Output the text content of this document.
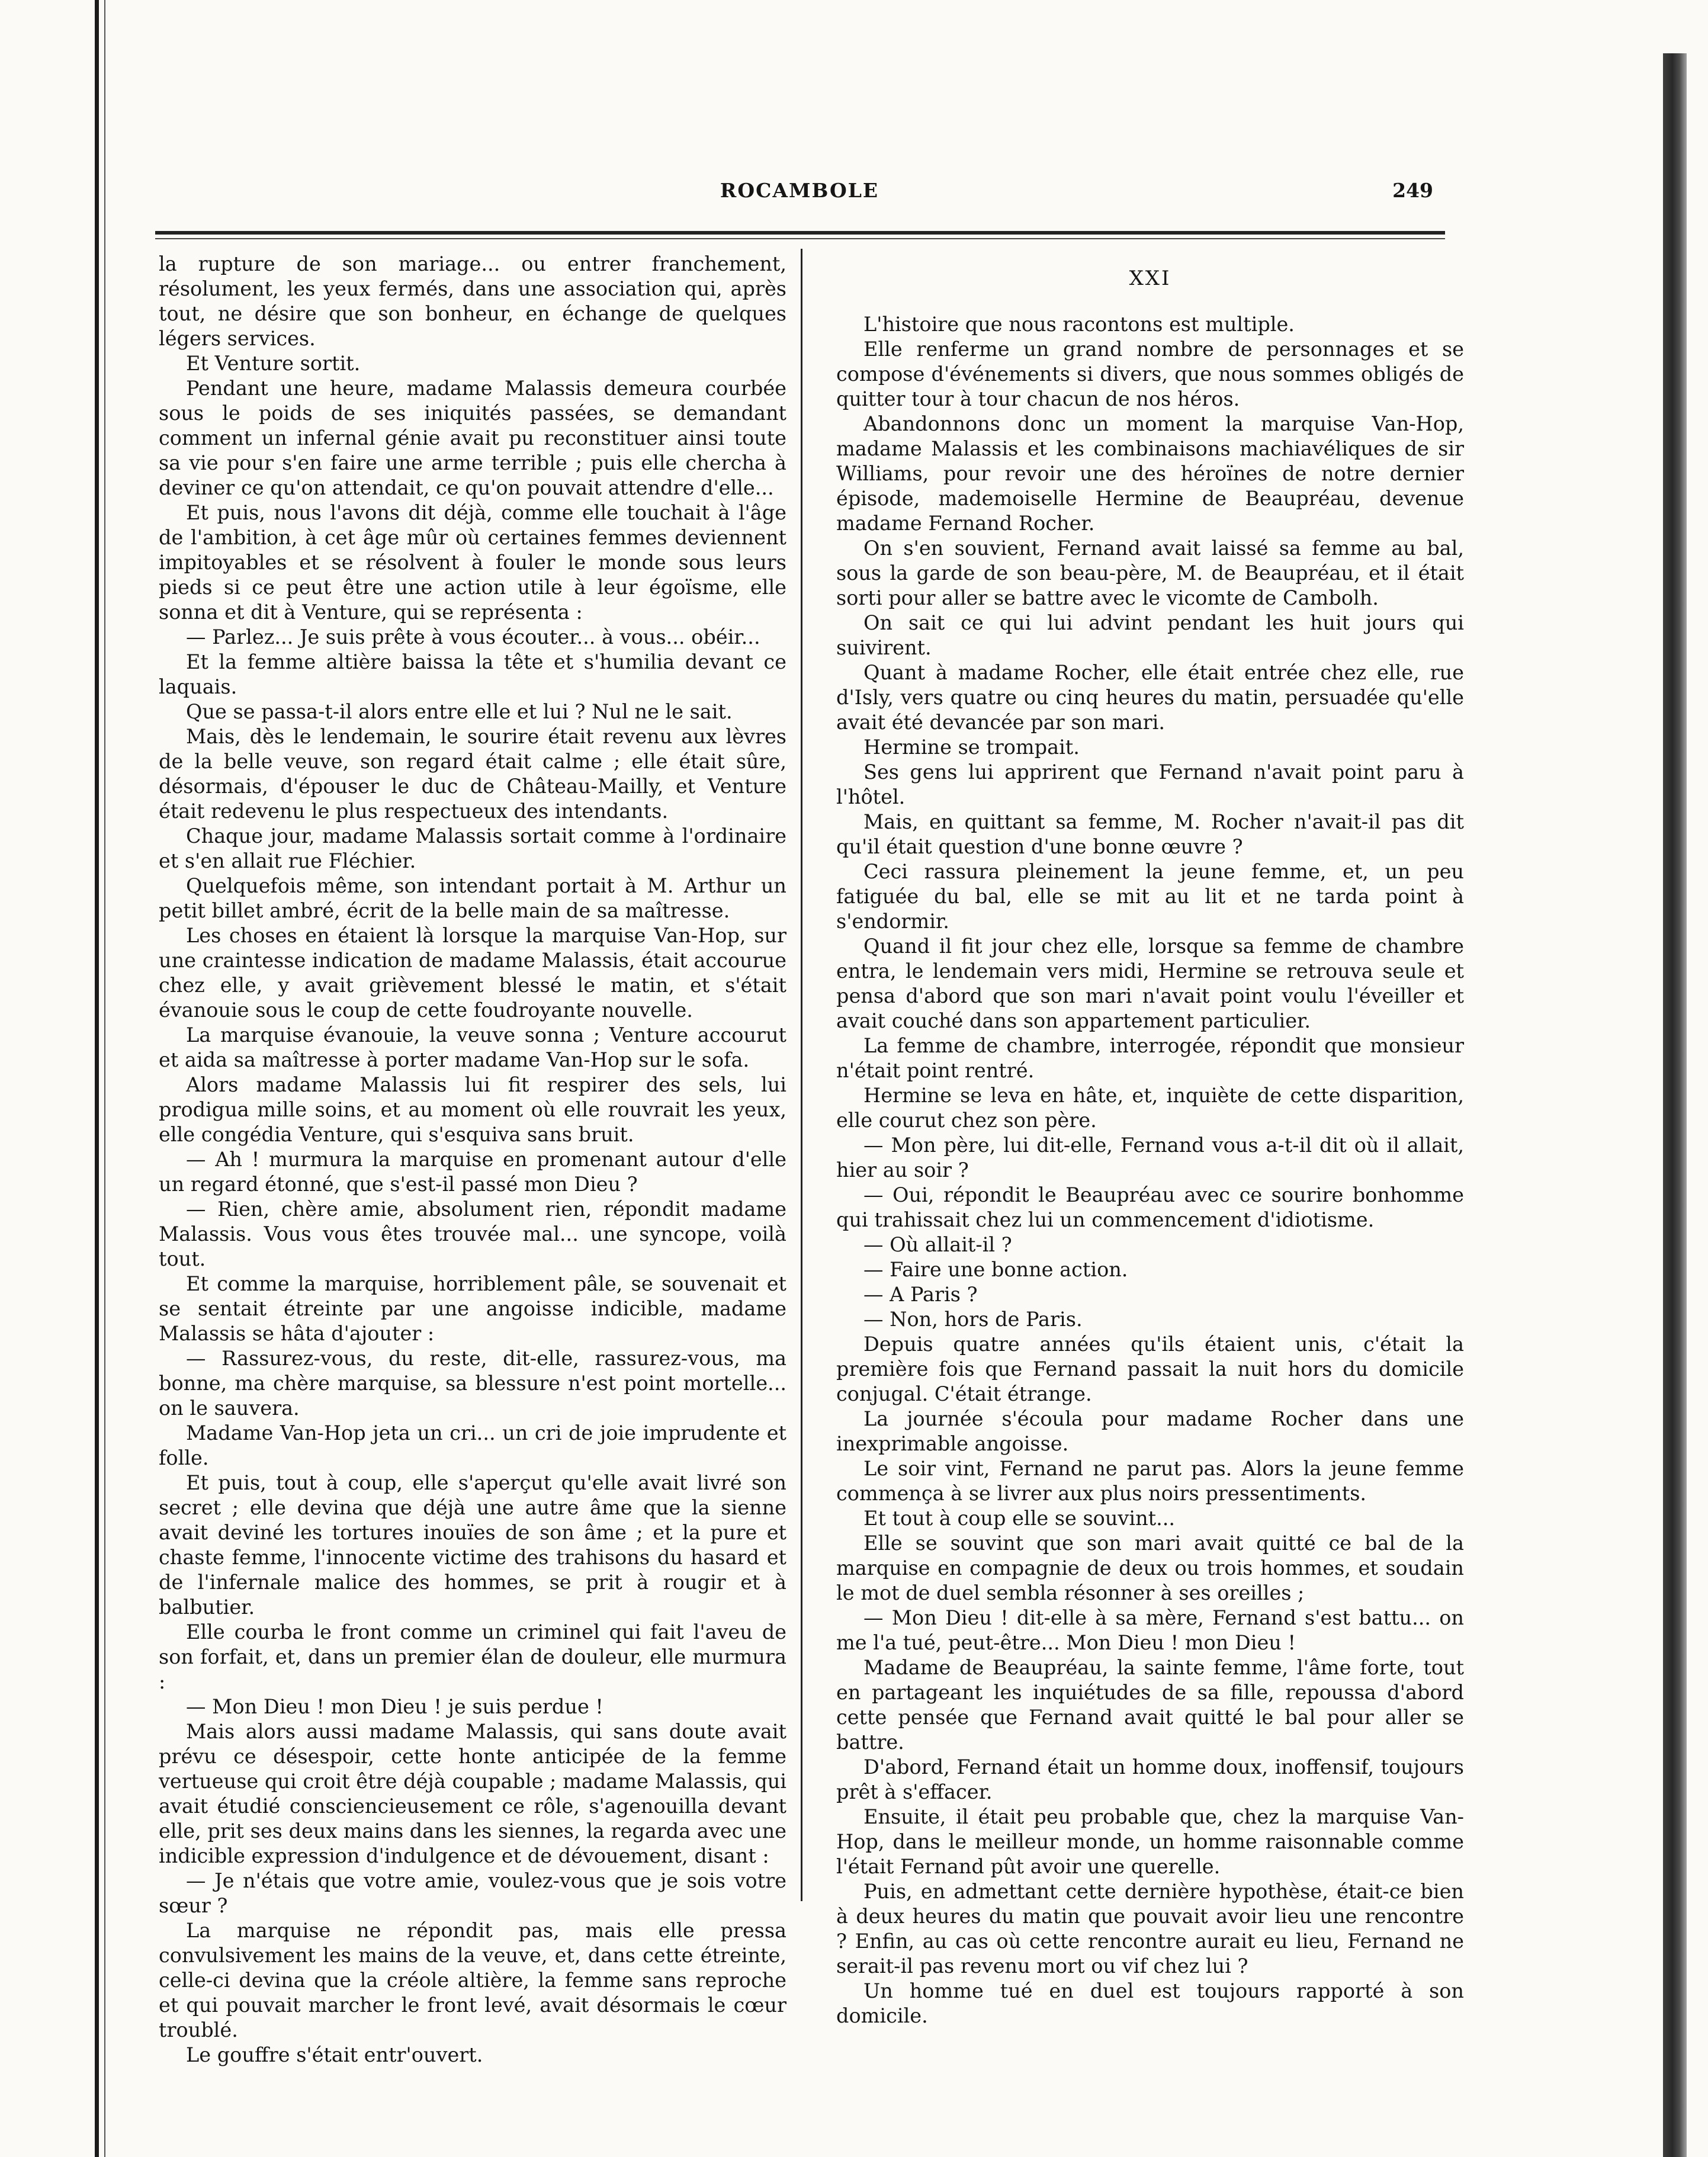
ROCAMBOLE	249

la rupture de son mariage... ou entrer franchement, résolument, les yeux fermés, dans une association qui, après tout, ne désire que son bonheur, en échange de quelques légers services.

Et Venture sortit.

Pendant une heure, madame Malassis demeura courbée sous le poids de ses iniquités passées, se demandant comment un infernal génie avait pu reconstituer ainsi toute sa vie pour s'en faire une arme terrible ; puis elle chercha à deviner ce qu'on attendait, ce qu'on pouvait attendre d'elle...

Et puis, nous l'avons dit déjà, comme elle touchait à l'âge de l'ambition, à cet âge mûr où certaines femmes deviennent impitoyables et se résolvent à fouler le monde sous leurs pieds si ce peut être une action utile à leur égoïsme, elle sonna et dit à Venture, qui se représenta :

— Parlez... Je suis prête à vous écouter... à vous... obéir...

Et la femme altière baissa la tête et s'humilia devant ce laquais.

Que se passa-t-il alors entre elle et lui ? Nul ne le sait.

Mais, dès le lendemain, le sourire était revenu aux lèvres de la belle veuve, son regard était calme ; elle était sûre, désormais, d'épouser le duc de Château-Mailly, et Venture était redevenu le plus respectueux des intendants.

Chaque jour, madame Malassis sortait comme à l'ordinaire et s'en allait rue Fléchier.

Quelquefois même, son intendant portait à M. Arthur un petit billet ambré, écrit de la belle main de sa maîtresse.

Les choses en étaient là lorsque la marquise Van-Hop, sur une craintesse indication de madame Malassis, était accourue chez elle, y avait grièvement blessé le matin, et s'était évanouie sous le coup de cette foudroyante nouvelle.

La marquise évanouie, la veuve sonna ; Venture accourut et aida sa maîtresse à porter madame Van-Hop sur le sofa.

Alors madame Malassis lui fit respirer des sels, lui prodigua mille soins, et au moment où elle rouvrait les yeux, elle congédia Venture, qui s'esquiva sans bruit.

— Ah ! murmura la marquise en promenant autour d'elle un regard étonné, que s'est-il passé mon Dieu ?

— Rien, chère amie, absolument rien, répondit madame Malassis. Vous vous êtes trouvée mal... une syncope, voilà tout.

Et comme la marquise, horriblement pâle, se souvenait et se sentait étreinte par une angoisse indicible, madame Malassis se hâta d'ajouter :

— Rassurez-vous, du reste, dit-elle, rassurez-vous, ma bonne, ma chère marquise, sa blessure n'est point mortelle... on le sauvera.

Madame Van-Hop jeta un cri... un cri de joie imprudente et folle.

Et puis, tout à coup, elle s'aperçut qu'elle avait livré son secret ; elle devina que déjà une autre âme que la sienne avait deviné les tortures inouïes de son âme ; et la pure et chaste femme, l'innocente victime des trahisons du hasard et de l'infernale malice des hommes, se prit à rougir et à balbutier.

Elle courba le front comme un criminel qui fait l'aveu de son forfait, et, dans un premier élan de douleur, elle murmura :

— Mon Dieu ! mon Dieu ! je suis perdue !

Mais alors aussi madame Malassis, qui sans doute avait prévu ce désespoir, cette honte anticipée de la femme vertueuse qui croit être déjà coupable ; madame Malassis, qui avait étudié consciencieusement ce rôle, s'agenouilla devant elle, prit ses deux mains dans les siennes, la regarda avec une indicible expression d'indulgence et de dévouement, disant :

— Je n'étais que votre amie, voulez-vous que je sois votre sœur ?

La marquise ne répondit pas, mais elle pressa convulsivement les mains de la veuve, et, dans cette étreinte, celle-ci devina que la créole altière, la femme sans reproche et qui pouvait marcher le front levé, avait désormais le cœur troublé.

Le gouffre s'était entr'ouvert.

XXI

L'histoire que nous racontons est multiple.

Elle renferme un grand nombre de personnages et se compose d'événements si divers, que nous sommes obligés de quitter tour à tour chacun de nos héros.

Abandonnons donc un moment la marquise Van-Hop, madame Malassis et les combinaisons machiavéliques de sir Williams, pour revoir une des héroïnes de notre dernier épisode, mademoiselle Hermine de Beaupréau, devenue madame Fernand Rocher.

On s'en souvient, Fernand avait laissé sa femme au bal, sous la garde de son beau-père, M. de Beaupréau, et il était sorti pour aller se battre avec le vicomte de Cambolh.

On sait ce qui lui advint pendant les huit jours qui suivirent.

Quant à madame Rocher, elle était entrée chez elle, rue d'Isly, vers quatre ou cinq heures du matin, persuadée qu'elle avait été devancée par son mari.

Hermine se trompait.

Ses gens lui apprirent que Fernand n'avait point paru à l'hôtel.

Mais, en quittant sa femme, M. Rocher n'avait-il pas dit qu'il était question d'une bonne œuvre ?

Ceci rassura pleinement la jeune femme, et, un peu fatiguée du bal, elle se mit au lit et ne tarda point à s'endormir.

Quand il fit jour chez elle, lorsque sa femme de chambre entra, le lendemain vers midi, Hermine se retrouva seule et pensa d'abord que son mari n'avait point voulu l'éveiller et avait couché dans son appartement particulier.

La femme de chambre, interrogée, répondit que monsieur n'était point rentré.

Hermine se leva en hâte, et, inquiète de cette disparition, elle courut chez son père.

— Mon père, lui dit-elle, Fernand vous a-t-il dit où il allait, hier au soir ?

— Oui, répondit le Beaupréau avec ce sourire bonhomme qui trahissait chez lui un commencement d'idiotisme.

— Où allait-il ?

— Faire une bonne action.

— A Paris ?

— Non, hors de Paris.

Depuis quatre années qu'ils étaient unis, c'était la première fois que Fernand passait la nuit hors du domicile conjugal. C'était étrange.

La journée s'écoula pour madame Rocher dans une inexprimable angoisse.

Le soir vint, Fernand ne parut pas. Alors la jeune femme commença à se livrer aux plus noirs pressentiments.

Et tout à coup elle se souvint...

Elle se souvint que son mari avait quitté ce bal de la marquise en compagnie de deux ou trois hommes, et soudain le mot de duel sembla résonner à ses oreilles ;

— Mon Dieu ! dit-elle à sa mère, Fernand s'est battu... on me l'a tué, peut-être... Mon Dieu ! mon Dieu !

Madame de Beaupréau, la sainte femme, l'âme forte, tout en partageant les inquiétudes de sa fille, repoussa d'abord cette pensée que Fernand avait quitté le bal pour aller se battre.

D'abord, Fernand était un homme doux, inoffensif, toujours prêt à s'effacer.

Ensuite, il était peu probable que, chez la marquise Van-Hop, dans le meilleur monde, un homme raisonnable comme l'était Fernand pût avoir une querelle.

Puis, en admettant cette dernière hypothèse, était-ce bien à deux heures du matin que pouvait avoir lieu une rencontre ? Enfin, au cas où cette rencontre aurait eu lieu, Fernand ne serait-il pas revenu mort ou vif chez lui ?

Un homme tué en duel est toujours rapporté à son domicile.
